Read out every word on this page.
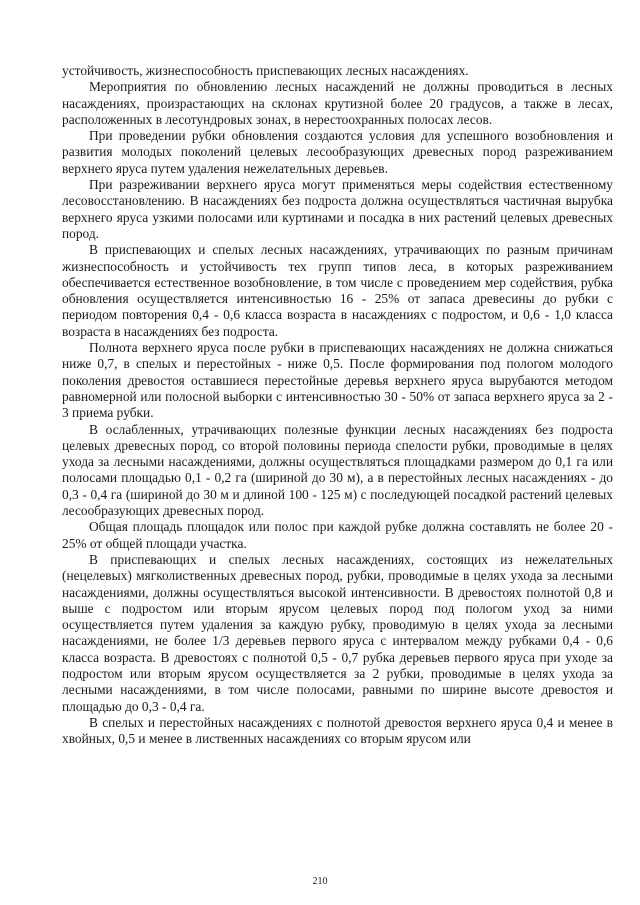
устойчивость, жизнеспособность приспевающих лесных насаждениях.

Мероприятия по обновлению лесных насаждений не должны проводиться в лесных насаждениях, произрастающих на склонах крутизной более 20 градусов, а также в лесах, расположенных в лесотундровых зонах, в нерестоохранных полосах лесов.

При проведении рубки обновления создаются условия для успешного возобновления и развития молодых поколений целевых лесообразующих древесных пород разреживанием верхнего яруса путем удаления нежелательных деревьев.

При разреживании верхнего яруса могут применяться меры содействия естественному лесовосстановлению. В насаждениях без подроста должна осуществляться частичная вырубка верхнего яруса узкими полосами или куртинами и посадка в них растений целевых древесных пород.

В приспевающих и спелых лесных насаждениях, утрачивающих по разным причинам жизнеспособность и устойчивость тех групп типов леса, в которых разреживанием обеспечивается естественное возобновление, в том числе с проведением мер содействия, рубка обновления осуществляется интенсивностью 16 - 25% от запаса древесины до рубки с периодом повторения 0,4 - 0,6 класса возраста в насаждениях с подростом, и 0,6 - 1,0 класса возраста в насаждениях без подроста.

Полнота верхнего яруса после рубки в приспевающих насаждениях не должна снижаться ниже 0,7, в спелых и перестойных - ниже 0,5. После формирования под пологом молодого поколения древостоя оставшиеся перестойные деревья верхнего яруса вырубаются методом равномерной или полосной выборки с интенсивностью 30 - 50% от запаса верхнего яруса за 2 - 3 приема рубки.

В ослабленных, утрачивающих полезные функции лесных насаждениях без подроста целевых древесных пород, со второй половины периода спелости рубки, проводимые в целях ухода за лесными насаждениями, должны осуществляться площадками размером до 0,1 га или полосами площадью 0,1 - 0,2 га (шириной до 30 м), а в перестойных лесных насаждениях - до 0,3 - 0,4 га (шириной до 30 м и длиной 100 - 125 м) с последующей посадкой растений целевых лесообразующих древесных пород.

Общая площадь площадок или полос при каждой рубке должна составлять не более 20 - 25% от общей площади участка.

В приспевающих и спелых лесных насаждениях, состоящих из нежелательных (нецелевых) мягколиственных древесных пород, рубки, проводимые в целях ухода за лесными насаждениями, должны осуществляться высокой интенсивности. В древостоях полнотой 0,8 и выше с подростом или вторым ярусом целевых пород под пологом уход за ними осуществляется путем удаления за каждую рубку, проводимую в целях ухода за лесными насаждениями, не более 1/3 деревьев первого яруса с интервалом между рубками 0,4 - 0,6 класса возраста. В древостоях с полнотой 0,5 - 0,7 рубка деревьев первого яруса при уходе за подростом или вторым ярусом осуществляется за 2 рубки, проводимые в целях ухода за лесными насаждениями, в том числе полосами, равными по ширине высоте древостоя и площадью до 0,3 - 0,4 га.

В спелых и перестойных насаждениях с полнотой древостоя верхнего яруса 0,4 и менее в хвойных, 0,5 и менее в лиственных насаждениях со вторым ярусом или

210
